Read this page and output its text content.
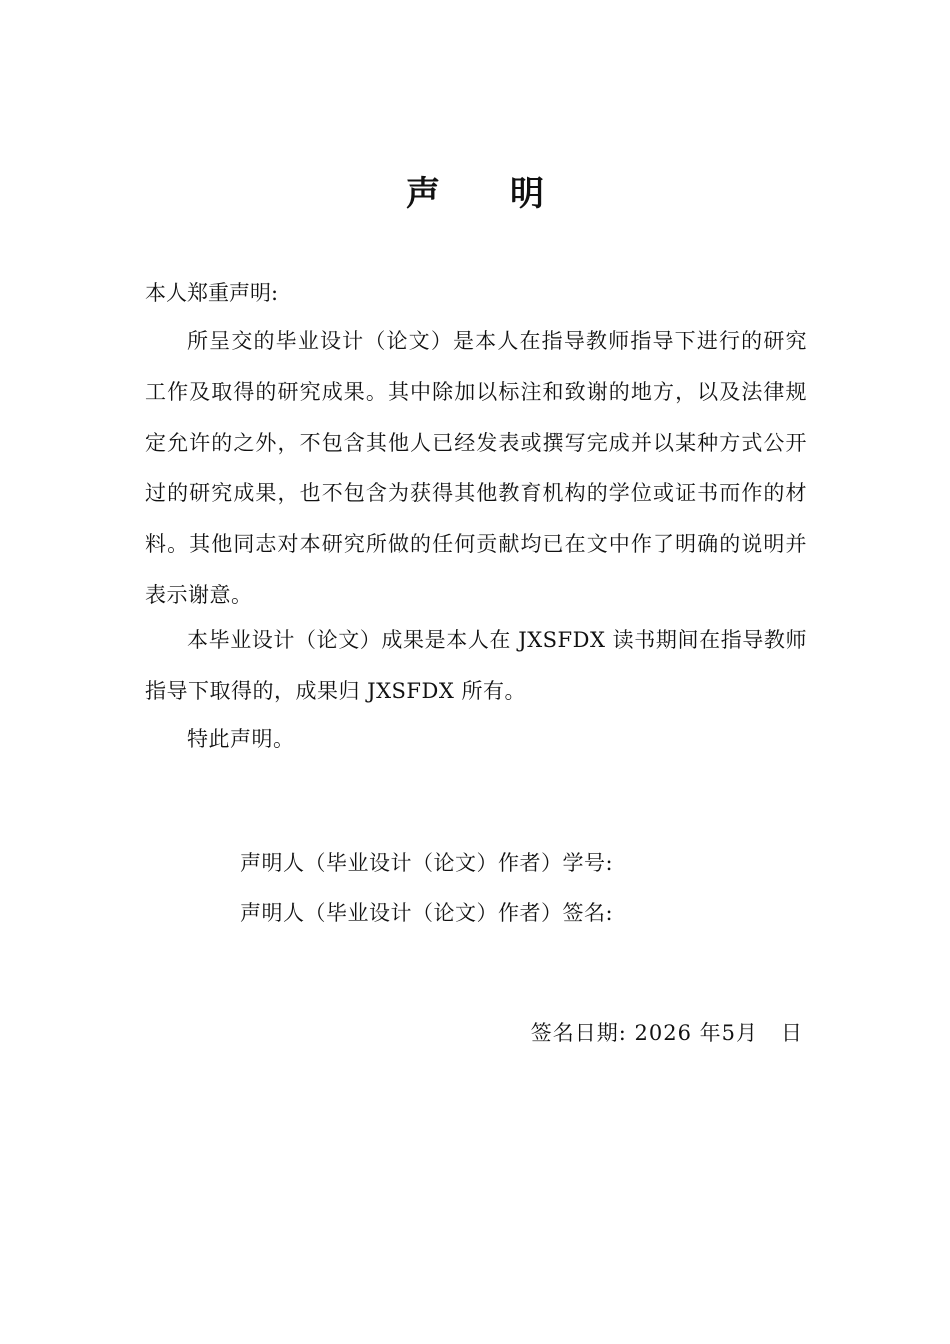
声 明
本人郑重声明:

所呈交的毕业设计（论文）是本人在指导教师指导下进行的研究工作及取得的研究成果。其中除加以标注和致谢的地方，以及法律规定允许的之外，不包含其他人已经发表或撰写完成并以某种方式公开过的研究成果，也不包含为获得其他教育机构的学位或证书而作的材料。其他同志对本研究所做的任何贡献均已在文中作了明确的说明并表示谢意。

本毕业设计（论文）成果是本人在 JXSFDX 读书期间在指导教师指导下取得的，成果归 JXSFDX 所有。

特此声明。

声明人（毕业设计（论文）作者）学号:
声明人（毕业设计（论文）作者）签名:
签名日期: 2026 年5月   日
